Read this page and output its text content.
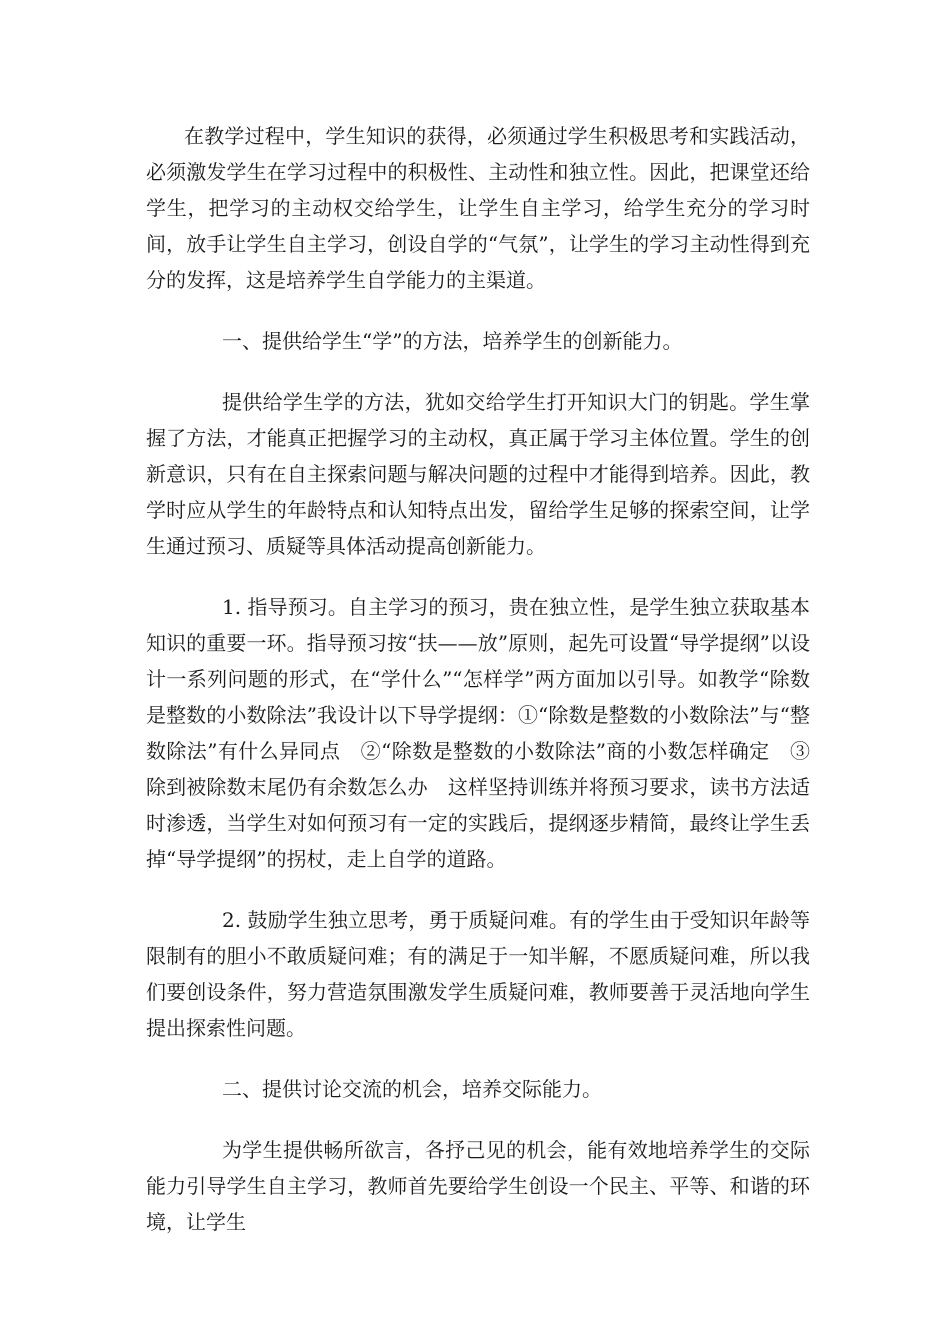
在教学过程中，学生知识的获得，必须通过学生积极思考和实践活动，必须激发学生在学习过程中的积极性、主动性和独立性。因此，把课堂还给学生，把学习的主动权交给学生，让学生自主学习，给学生充分的学习时间，放手让学生自主学习，创设自学的“气氛”，让学生的学习主动性得到充分的发挥，这是培养学生自学能力的主渠道。

一、提供给学生“学”的方法，培养学生的创新能力。

提供给学生学的方法，犹如交给学生打开知识大门的钥匙。学生掌握了方法，才能真正把握学习的主动权，真正属于学习主体位置。学生的创新意识，只有在自主探索问题与解决问题的过程中才能得到培养。因此，教学时应从学生的年龄特点和认知特点出发，留给学生足够的探索空间，让学生通过预习、质疑等具体活动提高创新能力。

1. 指导预习。自主学习的预习，贵在独立性，是学生独立获取基本知识的重要一环。指导预习按“扶——放”原则，起先可设置“导学提纲”以设计一系列问题的形式，在“学什么”“怎样学”两方面加以引导。如教学“除数是整数的小数除法”我设计以下导学提纲：①“除数是整数的小数除法”与“整数除法”有什么异同点　②“除数是整数的小数除法”商的小数怎样确定　③除到被除数末尾仍有余数怎么办　这样坚持训练并将预习要求，读书方法适时渗透，当学生对如何预习有一定的实践后，提纲逐步精简，最终让学生丢掉“导学提纲”的拐杖，走上自学的道路。

2. 鼓励学生独立思考，勇于质疑问难。有的学生由于受知识年龄等限制有的胆小不敢质疑问难；有的满足于一知半解，不愿质疑问难，所以我们要创设条件，努力营造氛围激发学生质疑问难，教师要善于灵活地向学生提出探索性问题。

二、提供讨论交流的机会，培养交际能力。

为学生提供畅所欲言，各抒己见的机会，能有效地培养学生的交际能力引导学生自主学习，教师首先要给学生创设一个民主、平等、和谐的环境，让学生
